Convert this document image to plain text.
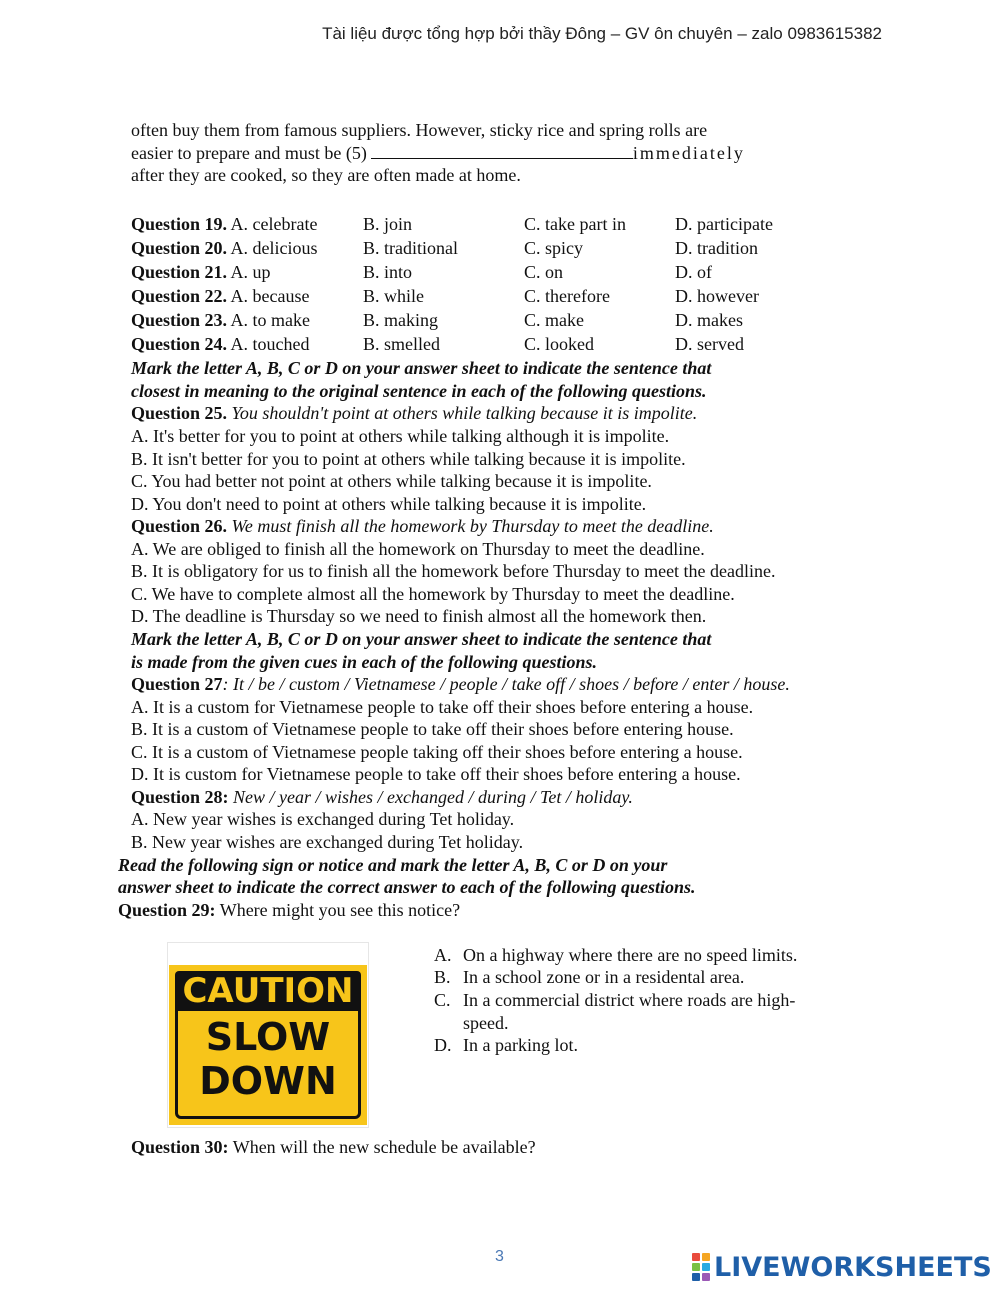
Tài liệu được tổng hợp bởi thầy Đông – GV ôn chuyên – zalo 0983615382
often buy them from famous suppliers. However, sticky rice and spring rolls are
easier to prepare and must be (5)	immediately
after they are cooked, so they are often made at home.
Question 19. A. celebrate	B. join	C. take part in	D. participate
Question 20. A. delicious	B. traditional	C. spicy	D. tradition
Question 21. A. up	B. into	C. on	D. of
Question 22. A. because	B. while	C. therefore	D. however
Question 23. A. to make	B. making	C. make	D. makes
Question 24. A. touched	B. smelled	C. looked	D. served
Mark the letter A, B, C or D on your answer sheet to indicate the sentence that
closest in meaning to the original sentence in each of the following questions.
Question 25. You shouldn't point at others while talking because it is impolite.
A. It's better for you to point at others while talking although it is impolite.
B. It isn't better for you to point at others while talking because it is impolite.
C. You had better not point at others while talking because it is impolite.
D. You don't need to point at others while talking because it is impolite.
Question 26. We must finish all the homework by Thursday to meet the deadline.
A. We are obliged to finish all the homework on Thursday to meet the deadline.
B. It is obligatory for us to finish all the homework before Thursday to meet the deadline.
C. We have to complete almost all the homework by Thursday to meet the deadline.
D. The deadline is Thursday so we need to finish almost all the homework then.
Mark the letter A, B, C or D on your answer sheet to indicate the sentence that
is made from the given cues in each of the following questions.
Question 27: It / be / custom / Vietnamese / people / take off / shoes / before / enter / house.
A. It is a custom for Vietnamese people to take off their shoes before entering a house.
B. It is a custom of Vietnamese people to take off their shoes before entering house.
C. It is a custom of Vietnamese people taking off their shoes before entering a house.
D. It is custom for Vietnamese people to take off their shoes before entering a house.
Question 28: New / year / wishes / exchanged / during / Tet / holiday.
A. New year wishes is exchanged during Tet holiday.
B. New year wishes are exchanged during Tet holiday.
Read the following sign or notice and mark the letter A, B, C or D on your
answer sheet to indicate the correct answer to each of the following questions.
Question 29: Where might you see this notice?
CAUTION
SLOW
DOWN
A. On a highway where there are no speed limits.
B. In a school zone or in a residental area.
C. In a commercial district where roads are high-
speed.
D. In a parking lot.
Question 30: When will the new schedule be available?
3	LIVEWORKSHEETS
